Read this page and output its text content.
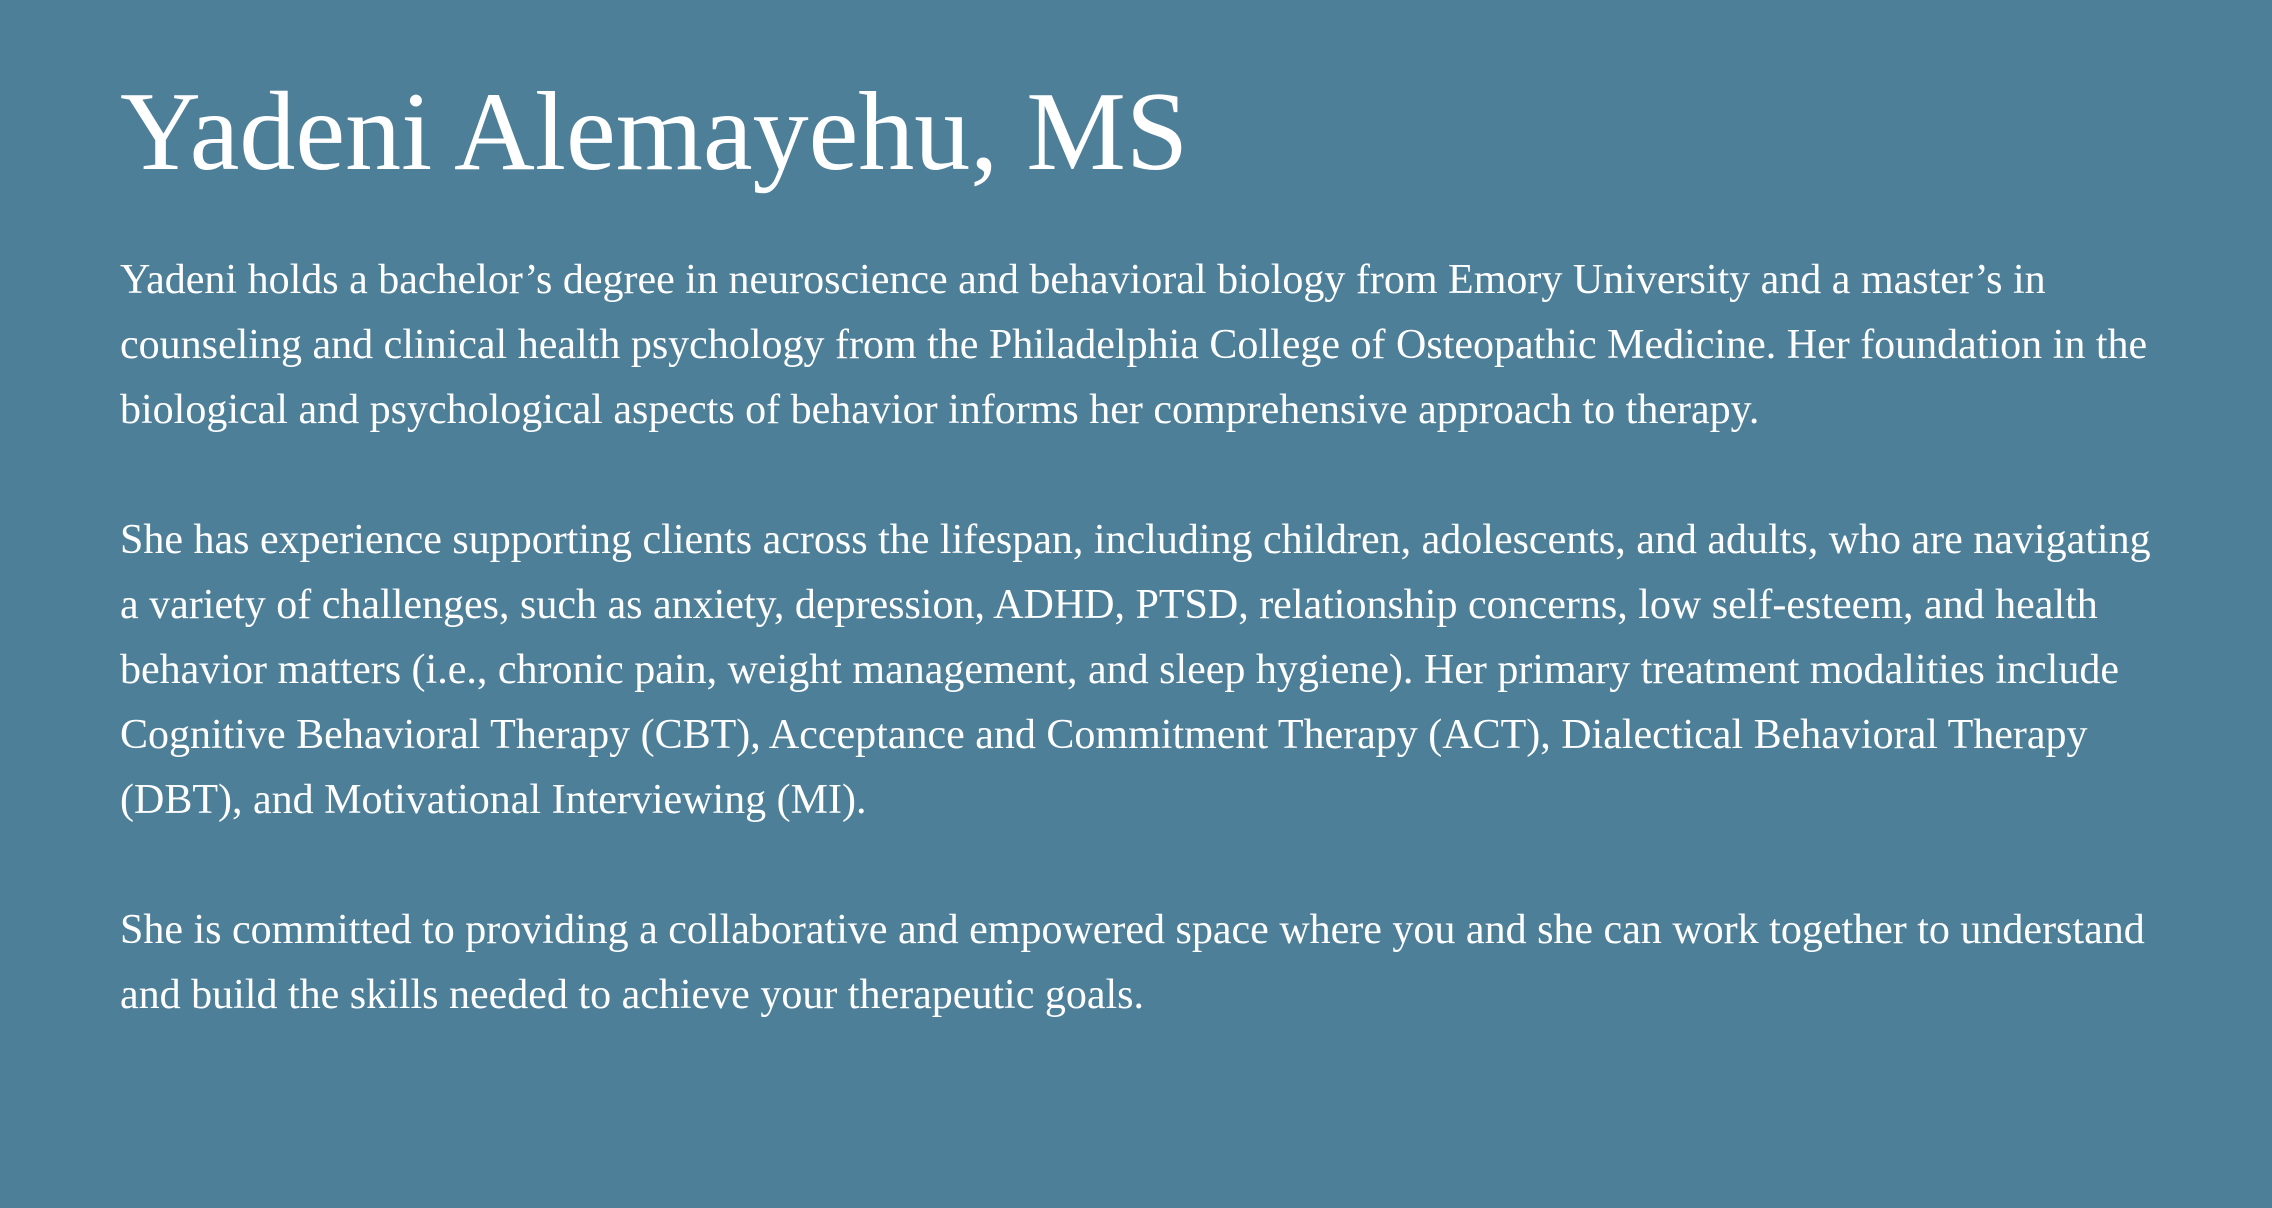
Yadeni Alemayehu, MS

Yadeni holds a bachelor’s degree in neuroscience and behavioral biology from Emory University and a master’s in counseling and clinical health psychology from the Philadelphia College of Osteopathic Medicine. Her foundation in the biological and psychological aspects of behavior informs her comprehensive approach to therapy.

She has experience supporting clients across the lifespan, including children, adolescents, and adults, who are navigating a variety of challenges, such as anxiety, depression, ADHD, PTSD, relationship concerns, low self-esteem, and health behavior matters (i.e., chronic pain, weight management, and sleep hygiene). Her primary treatment modalities include Cognitive Behavioral Therapy (CBT), Acceptance and Commitment Therapy (ACT), Dialectical Behavioral Therapy (DBT), and Motivational Interviewing (MI).

She is committed to providing a collaborative and empowered space where you and she can work together to understand and build the skills needed to achieve your therapeutic goals.
